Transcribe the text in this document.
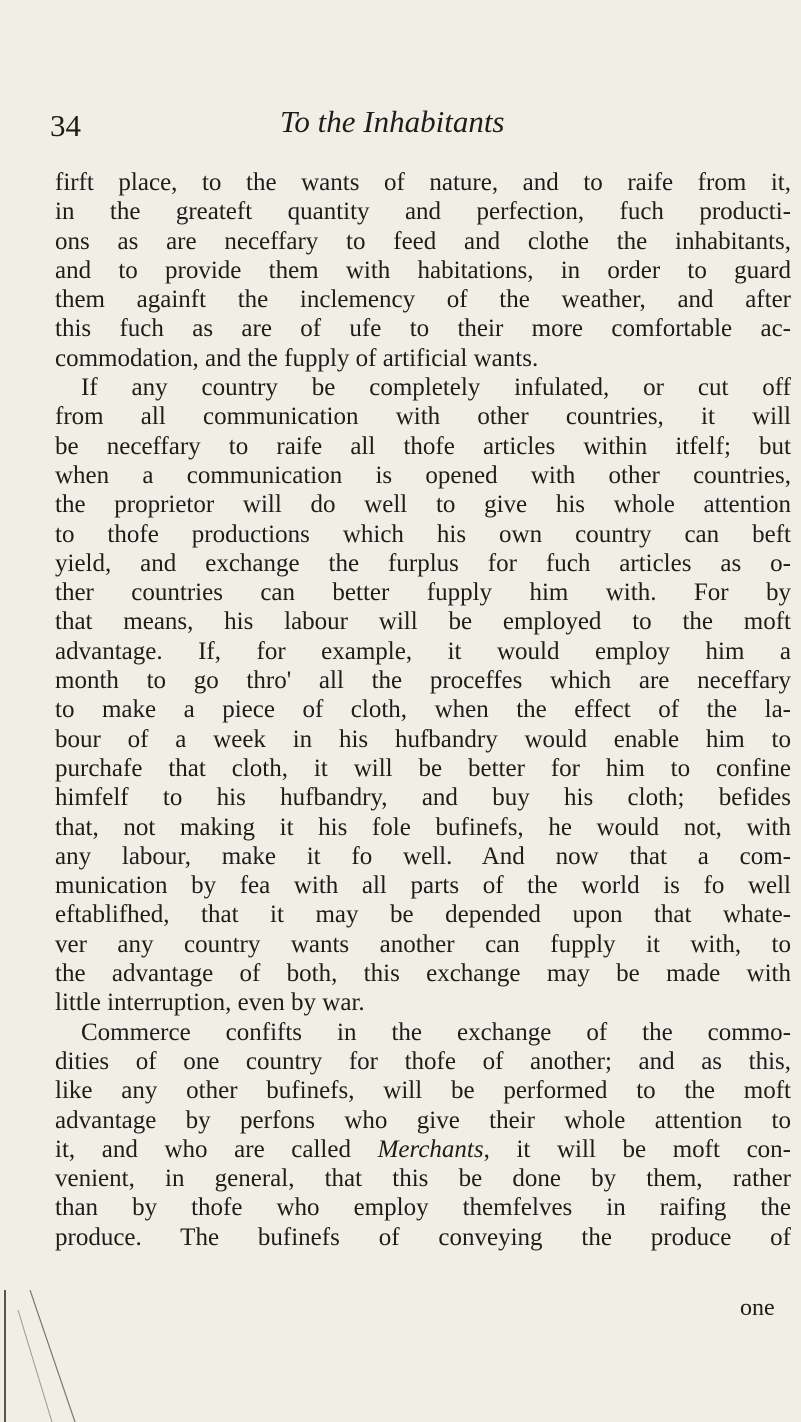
34	To the Inhabitants
firft place, to the wants of nature, and to raife from it,
in the greateft quantity and perfection, fuch producti-
ons as are neceffary to feed and clothe the inhabitants,
and to provide them with habitations, in order to guard
them againft the inclemency of the weather, and after
this fuch as are of ufe to their more comfortable ac-
commodation, and the fupply of artificial wants.
If any country be completely infulated, or cut off
from all communication with other countries, it will
be neceffary to raife all thofe articles within itfelf; but
when a communication is opened with other countries,
the proprietor will do well to give his whole attention
to thofe productions which his own country can beft
yield, and exchange the furplus for fuch articles as o-
ther countries can better fupply him with. For by
that means, his labour will be employed to the moft
advantage. If, for example, it would employ him a
month to go thro' all the proceffes which are neceffary
to make a piece of cloth, when the effect of the la-
bour of a week in his hufbandry would enable him to
purchafe that cloth, it will be better for him to confine
himfelf to his hufbandry, and buy his cloth; befides
that, not making it his fole bufinefs, he would not, with
any labour, make it fo well. And now that a com-
munication by fea with all parts of the world is fo well
eftablifhed, that it may be depended upon that whate-
ver any country wants another can fupply it with, to
the advantage of both, this exchange may be made with
little interruption, even by war.
Commerce confifts in the exchange of the commo-
dities of one country for thofe of another; and as this,
like any other bufinefs, will be performed to the moft
advantage by perfons who give their whole attention to
it, and who are called Merchants, it will be moft con-
venient, in general, that this be done by them, rather
than by thofe who employ themfelves in raifing the
produce. The bufinefs of conveying the produce of
one
